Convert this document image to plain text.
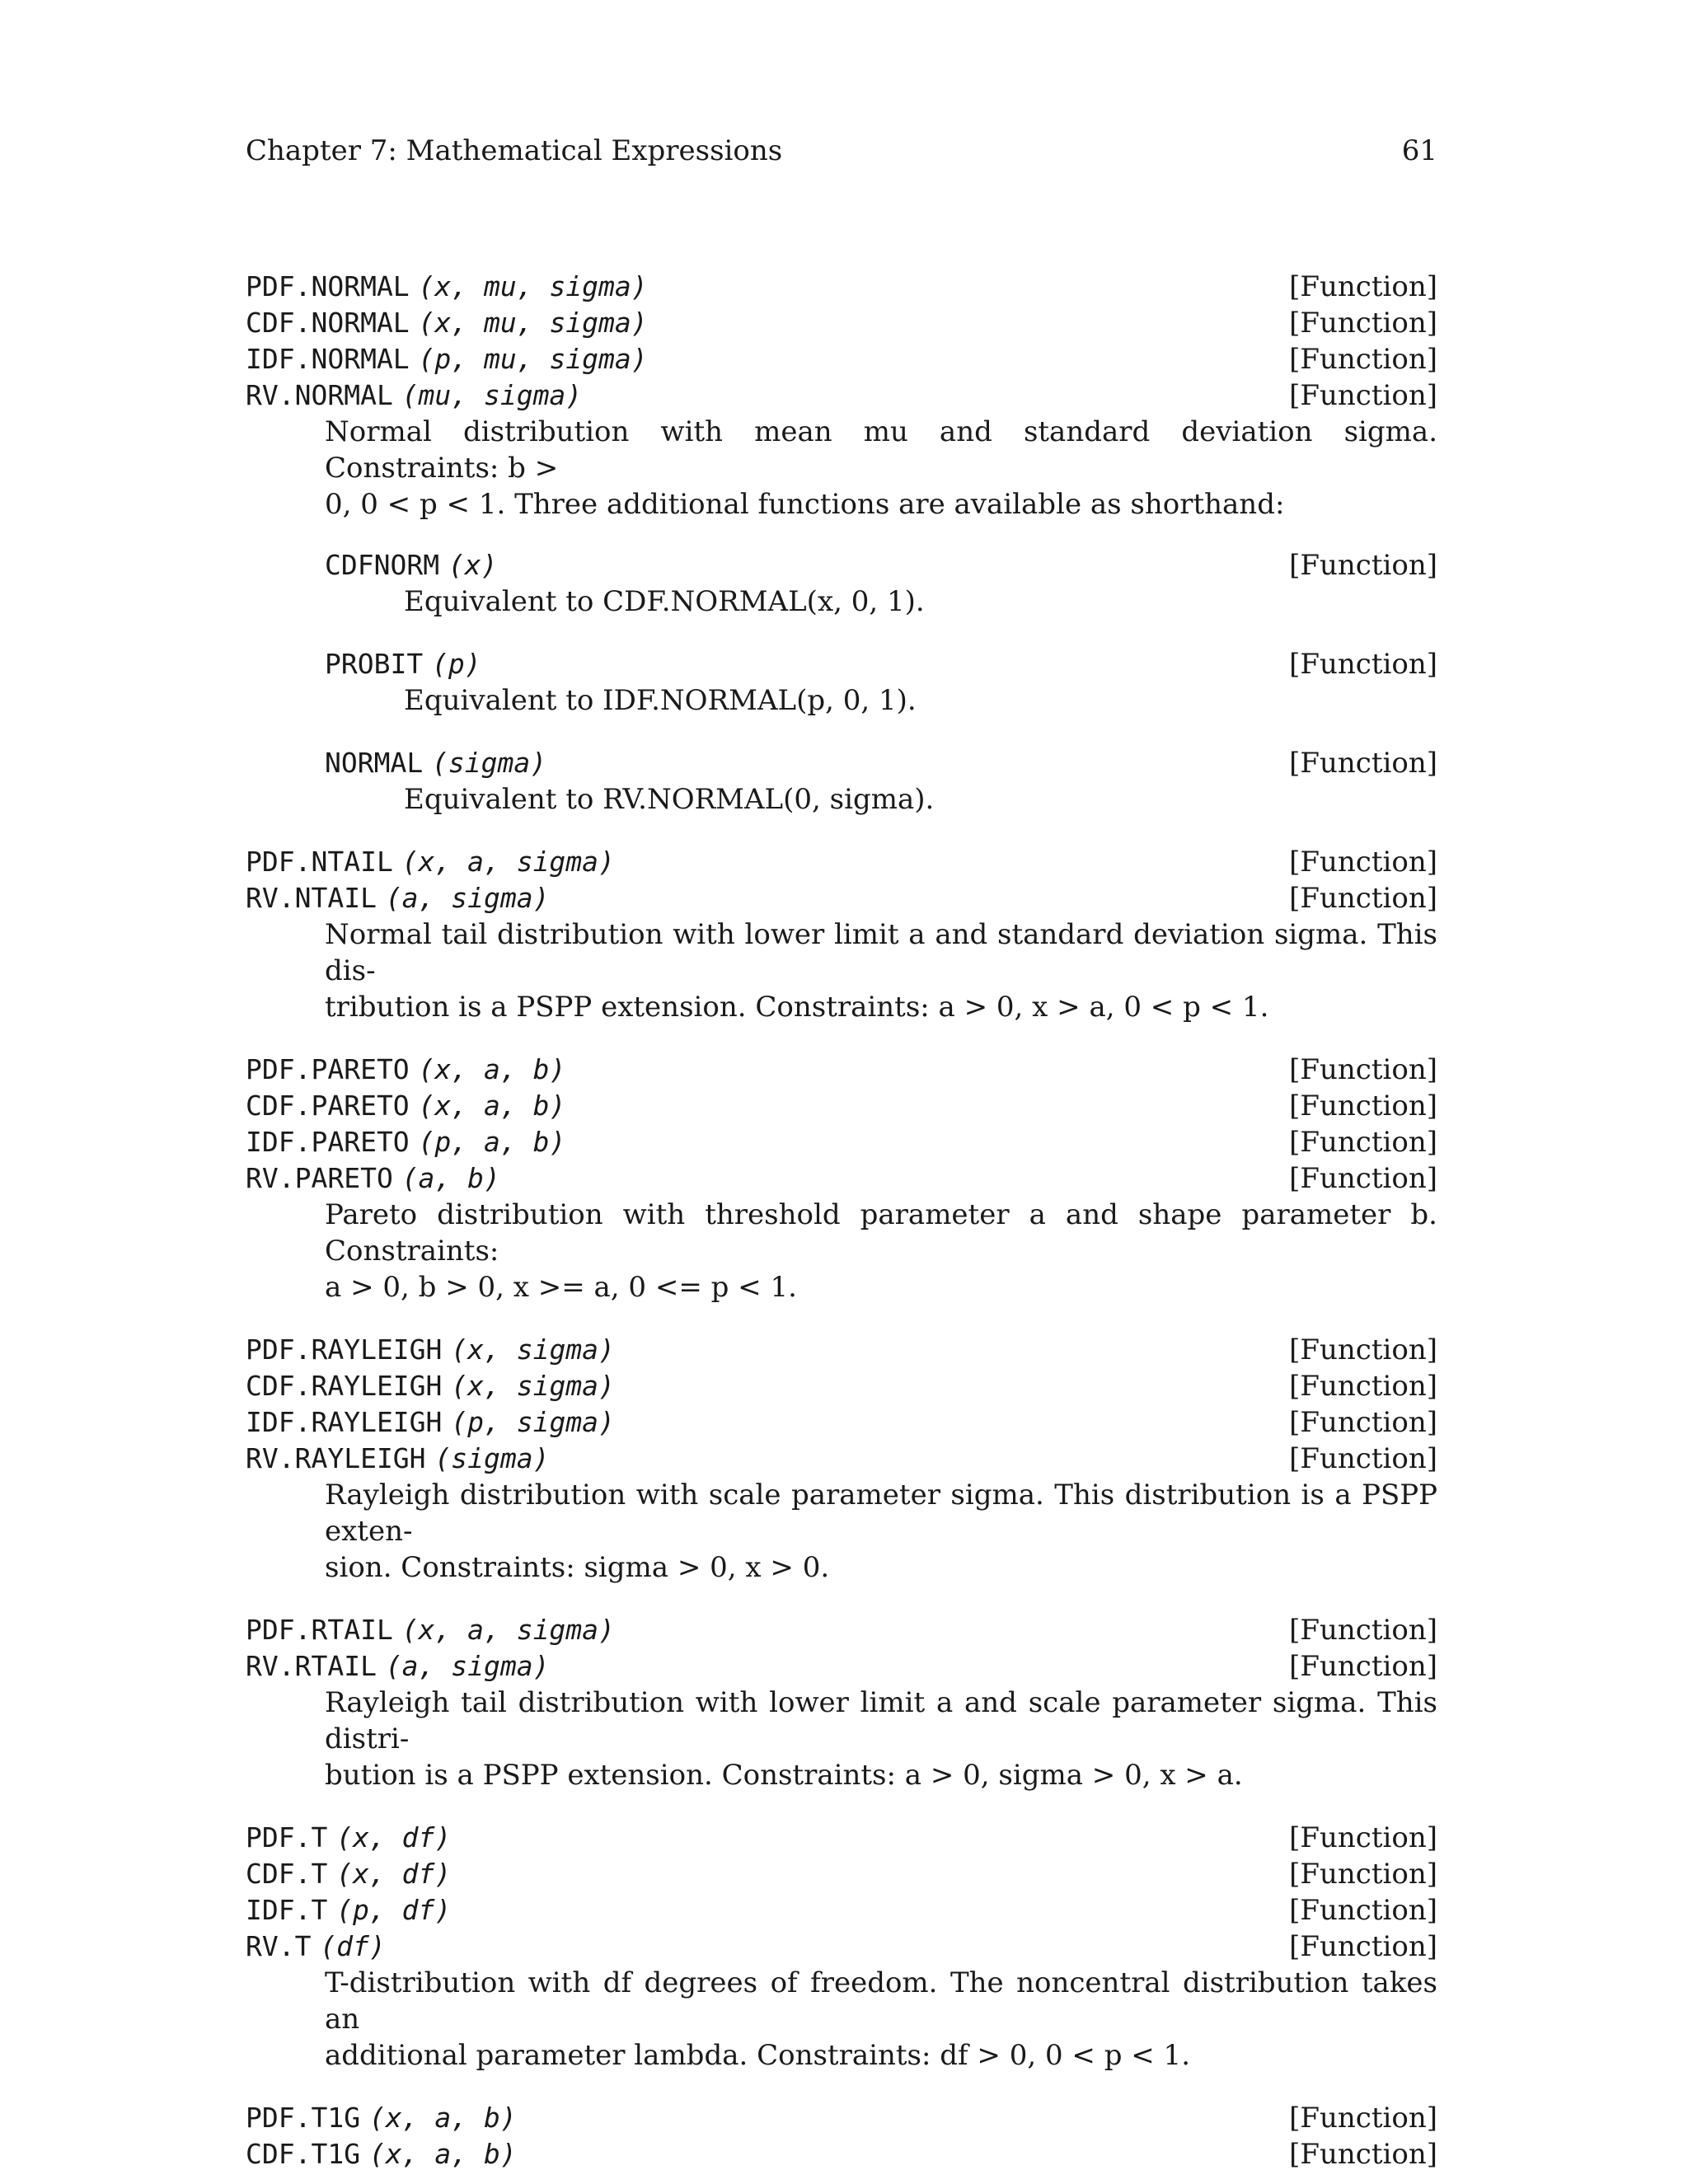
Chapter 7: Mathematical Expressions	61
PDF.NORMAL (x, mu, sigma)	[Function]
CDF.NORMAL (x, mu, sigma)	[Function]
IDF.NORMAL (p, mu, sigma)	[Function]
RV.NORMAL (mu, sigma)	[Function]
Normal distribution with mean mu and standard deviation sigma. Constraints: b >
0, 0 < p < 1. Three additional functions are available as shorthand:
CDFNORM (x)	[Function]
Equivalent to CDF.NORMAL(x, 0, 1).
PROBIT (p)	[Function]
Equivalent to IDF.NORMAL(p, 0, 1).
NORMAL (sigma)	[Function]
Equivalent to RV.NORMAL(0, sigma).
PDF.NTAIL (x, a, sigma)	[Function]
RV.NTAIL (a, sigma)	[Function]
Normal tail distribution with lower limit a and standard deviation sigma. This dis-
tribution is a PSPP extension. Constraints: a > 0, x > a, 0 < p < 1.
PDF.PARETO (x, a, b)	[Function]
CDF.PARETO (x, a, b)	[Function]
IDF.PARETO (p, a, b)	[Function]
RV.PARETO (a, b)	[Function]
Pareto distribution with threshold parameter a and shape parameter b. Constraints:
a > 0, b > 0, x >= a, 0 <= p < 1.
PDF.RAYLEIGH (x, sigma)	[Function]
CDF.RAYLEIGH (x, sigma)	[Function]
IDF.RAYLEIGH (p, sigma)	[Function]
RV.RAYLEIGH (sigma)	[Function]
Rayleigh distribution with scale parameter sigma. This distribution is a PSPP exten-
sion. Constraints: sigma > 0, x > 0.
PDF.RTAIL (x, a, sigma)	[Function]
RV.RTAIL (a, sigma)	[Function]
Rayleigh tail distribution with lower limit a and scale parameter sigma. This distri-
bution is a PSPP extension. Constraints: a > 0, sigma > 0, x > a.
PDF.T (x, df)	[Function]
CDF.T (x, df)	[Function]
IDF.T (p, df)	[Function]
RV.T (df)	[Function]
T-distribution with df degrees of freedom. The noncentral distribution takes an
additional parameter lambda. Constraints: df > 0, 0 < p < 1.
PDF.T1G (x, a, b)	[Function]
CDF.T1G (x, a, b)	[Function]
